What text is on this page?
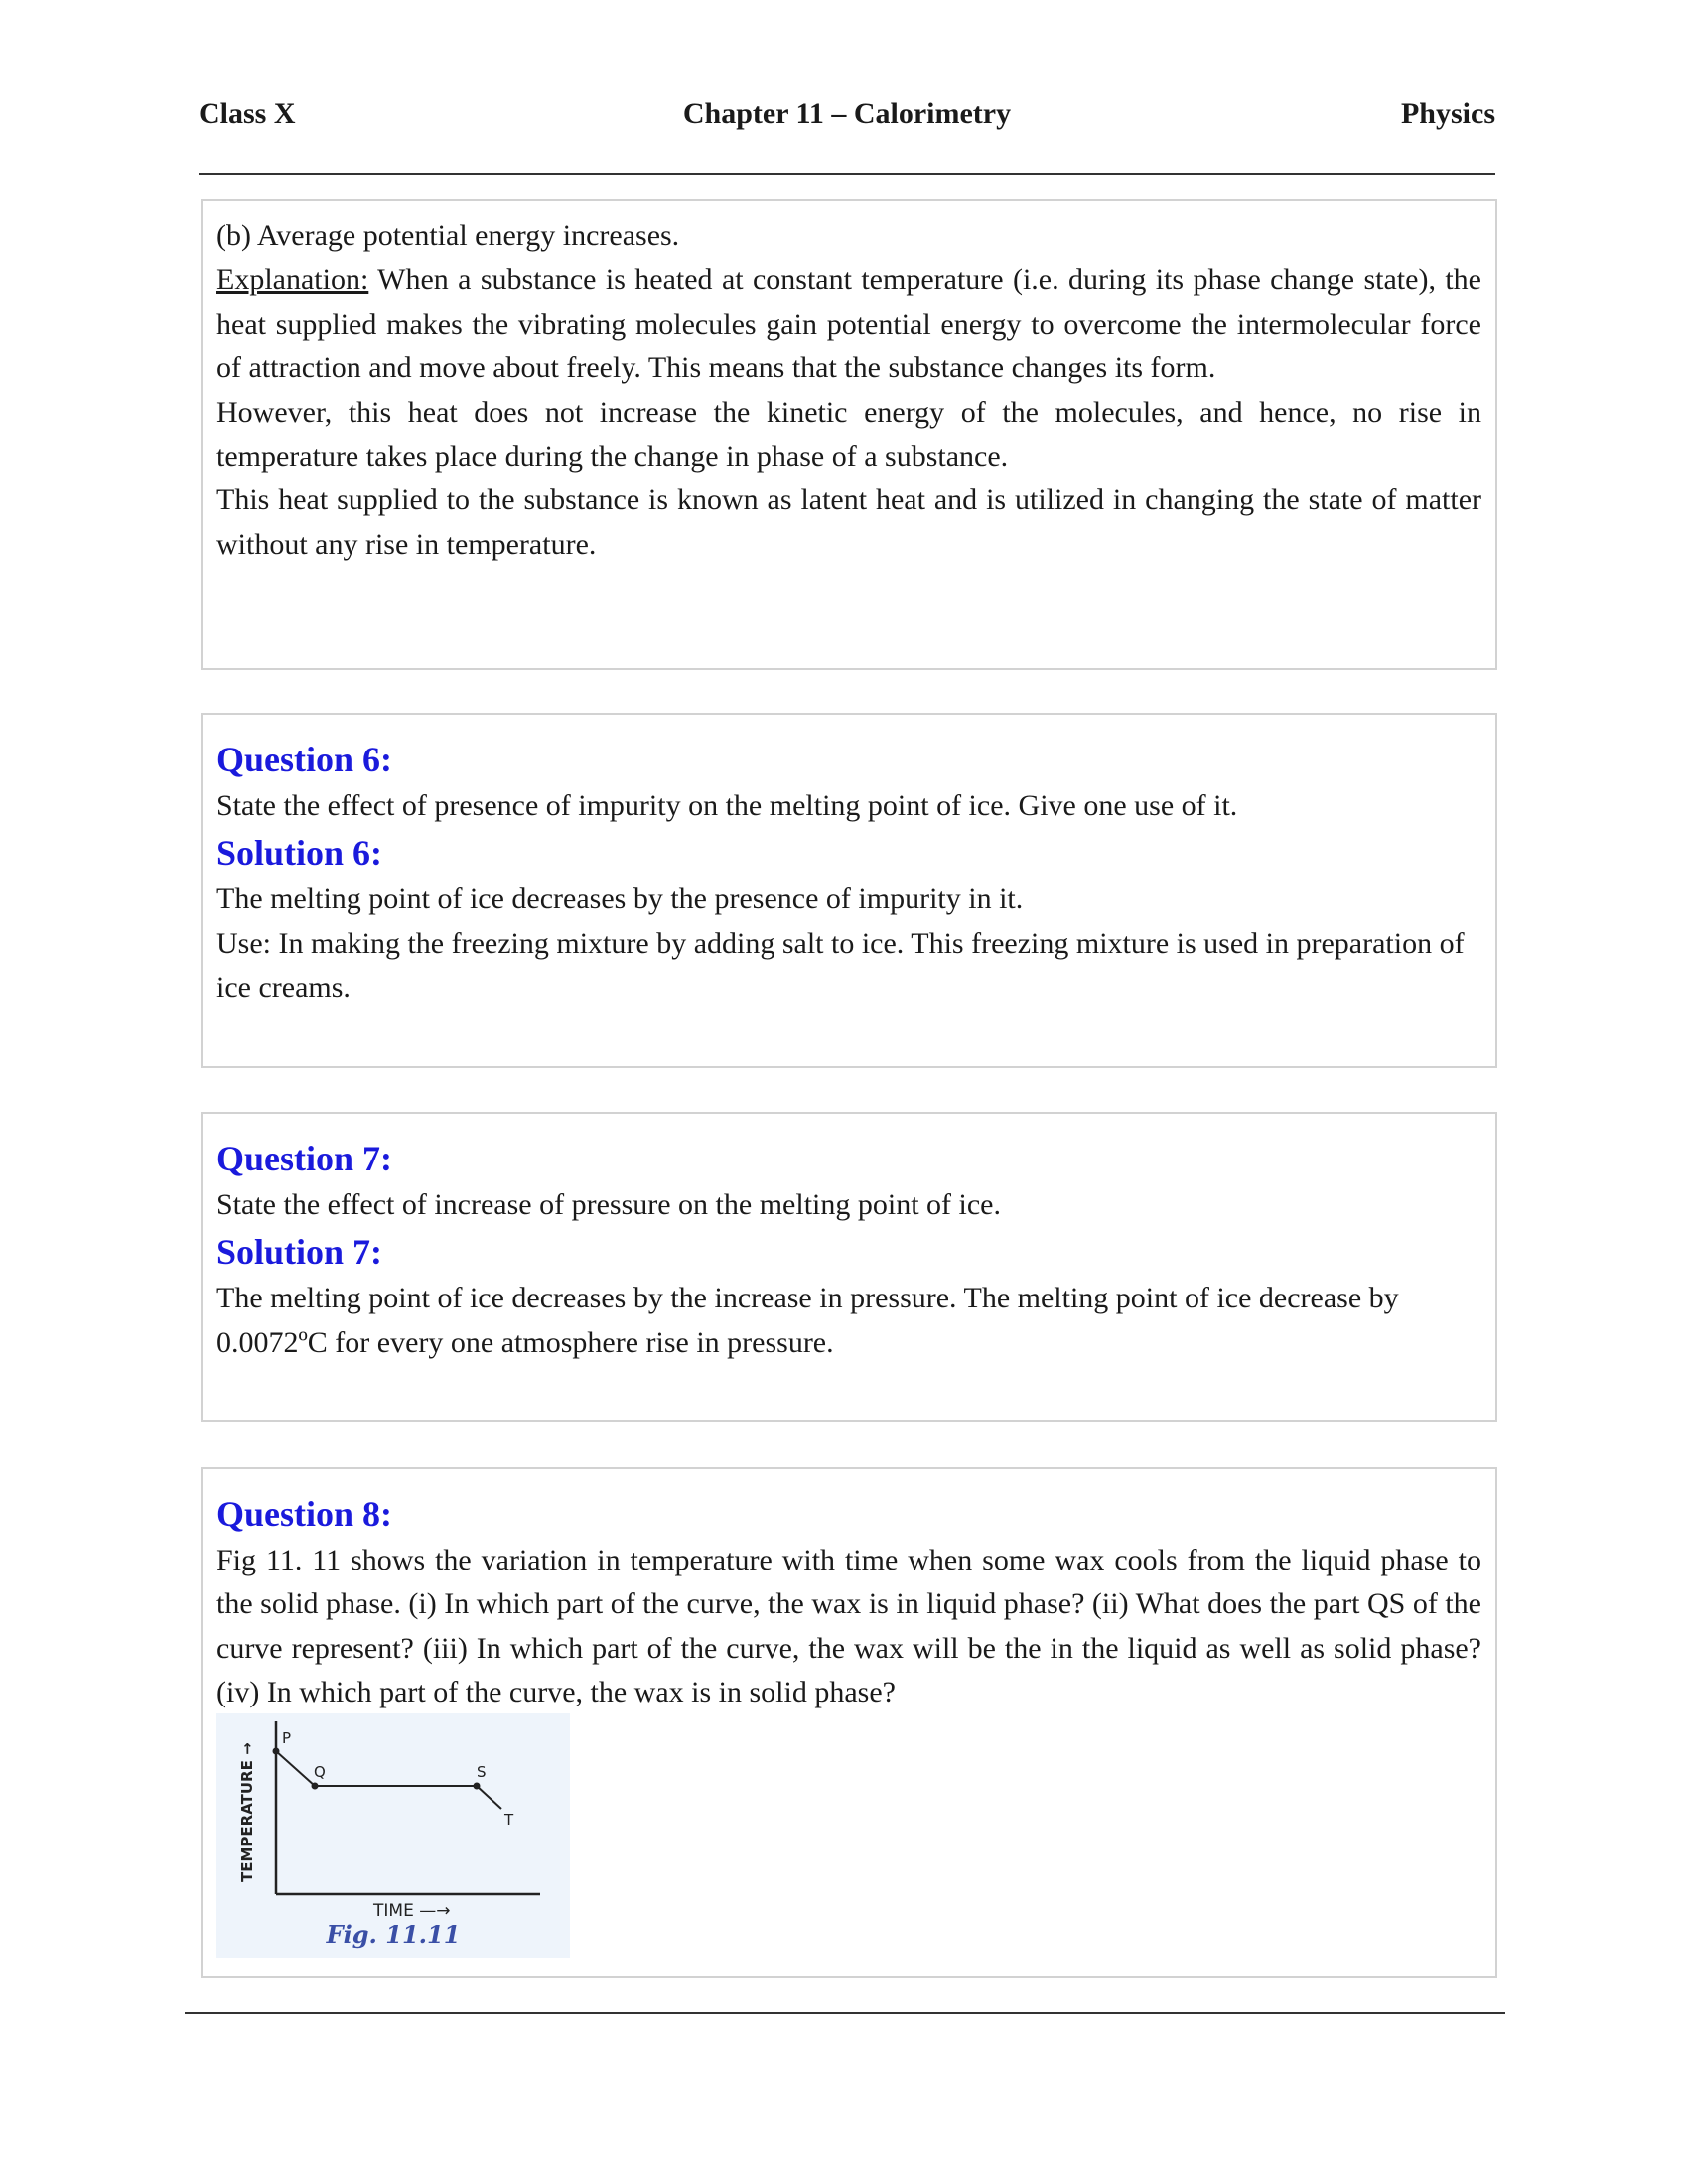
Class X	Chapter 11 – Calorimetry	Physics

(b) Average potential energy increases.

Explanation: When a substance is heated at constant temperature (i.e. during its phase change state), the heat supplied makes the vibrating molecules gain potential energy to overcome the intermolecular force of attraction and move about freely. This means that the substance changes its form.

However, this heat does not increase the kinetic energy of the molecules, and hence, no rise in temperature takes place during the change in phase of a substance.

This heat supplied to the substance is known as latent heat and is utilized in changing the state of matter without any rise in temperature.

Question 6:

State the effect of presence of impurity on the melting point of ice. Give one use of it.

Solution 6:

The melting point of ice decreases by the presence of impurity in it.

Use: In making the freezing mixture by adding salt to ice. This freezing mixture is used in preparation of ice creams.

Question 7:

State the effect of increase of pressure on the melting point of ice.

Solution 7:

The melting point of ice decreases by the increase in pressure. The melting point of ice decrease by 0.0072ºC for every one atmosphere rise in pressure.

Question 8:

Fig 11. 11 shows the variation in temperature with time when some wax cools from the liquid phase to the solid phase. (i) In which part of the curve, the wax is in liquid phase? (ii) What does the part QS of the curve represent? (iii) In which part of the curve, the wax will be the in the liquid as well as solid phase? (iv) In which part of the curve, the wax is in solid phase?

P
Q	S
T
TEMPERATURE →
TIME —→
Fig. 11.11
